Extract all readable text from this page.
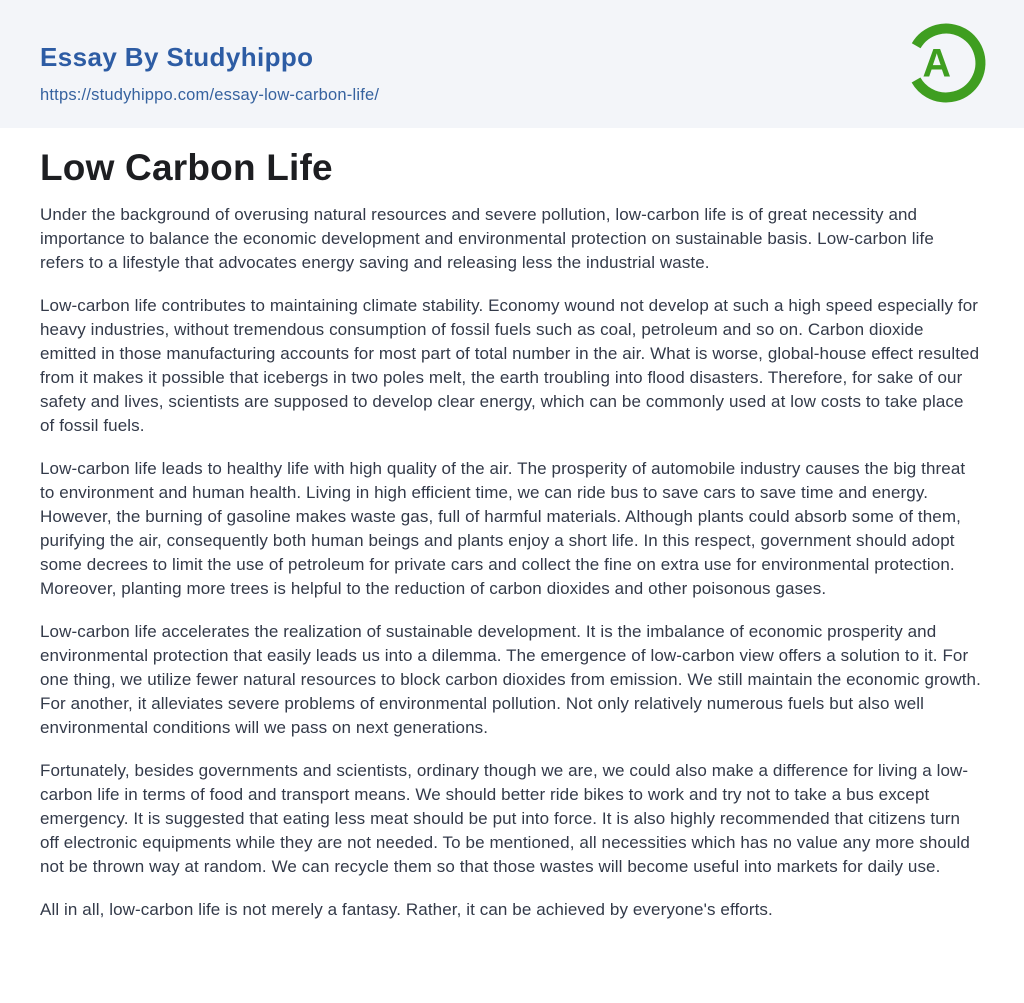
Essay By Studyhippo
https://studyhippo.com/essay-low-carbon-life/
A
Low Carbon Life

Under the background of overusing natural resources and severe pollution, low-carbon life is of great necessity and importance to balance the economic development and environmental protection on sustainable basis. Low-carbon life refers to a lifestyle that advocates energy saving and releasing less the industrial waste.

Low-carbon life contributes to maintaining climate stability. Economy wound not develop at such a high speed especially for heavy industries, without tremendous consumption of fossil fuels such as coal, petroleum and so on. Carbon dioxide emitted in those manufacturing accounts for most part of total number in the air. What is worse, global-house effect resulted from it makes it possible that icebergs in two poles melt, the earth troubling into flood disasters. Therefore, for sake of our safety and lives, scientists are supposed to develop clear energy, which can be commonly used at low costs to take place of fossil fuels.

Low-carbon life leads to healthy life with high quality of the air. The prosperity of automobile industry causes the big threat to environment and human health. Living in high efficient time, we can ride bus to save cars to save time and energy. However, the burning of gasoline makes waste gas, full of harmful materials. Although plants could absorb some of them, purifying the air, consequently both human beings and plants enjoy a short life. In this respect, government should adopt some decrees to limit the use of petroleum for private cars and collect the fine on extra use for environmental protection. Moreover, planting more trees is helpful to the reduction of carbon dioxides and other poisonous gases.

Low-carbon life accelerates the realization of sustainable development. It is the imbalance of economic prosperity and environmental protection that easily leads us into a dilemma. The emergence of low-carbon view offers a solution to it. For one thing, we utilize fewer natural resources to block carbon dioxides from emission. We still maintain the economic growth. For another, it alleviates severe problems of environmental pollution. Not only relatively numerous fuels but also well environmental conditions will we pass on next generations.

Fortunately, besides governments and scientists, ordinary though we are, we could also make a difference for living a low-carbon life in terms of food and transport means. We should better ride bikes to work and try not to take a bus except emergency. It is suggested that eating less meat should be put into force. It is also highly recommended that citizens turn off electronic equipments while they are not needed. To be mentioned, all necessities which has no value any more should not be thrown way at random. We can recycle them so that those wastes will become useful into markets for daily use.

All in all, low-carbon life is not merely a fantasy. Rather, it can be achieved by everyone's efforts.
